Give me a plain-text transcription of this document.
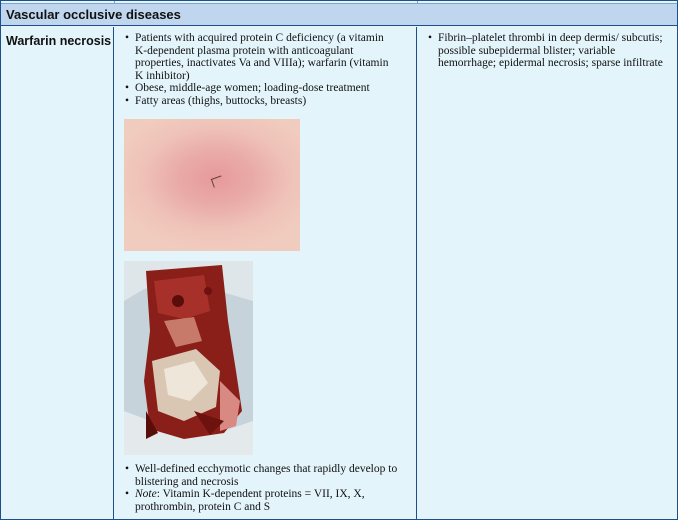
Vascular occlusive diseases
Warfarin necrosis
•	Patients with acquired protein C deficiency (a vitamin K-dependent plasma protein with anticoagulant properties, inactivates Va and VIIIa); warfarin (vitamin K inhibitor)
• Obese, middle-age women; loading-dose treatment
• Fatty areas (thighs, buttocks, breasts)
• Well-defined ecchymotic changes that rapidly develop to blistering and necrosis
• Note: Vitamin K-dependent proteins = VII, IX, X, prothrombin, protein C and S
• Fibrin–platelet thrombi in deep dermis/ subcutis; possible subepidermal blister; variable hemorrhage; epidermal necrosis; sparse infiltrate
